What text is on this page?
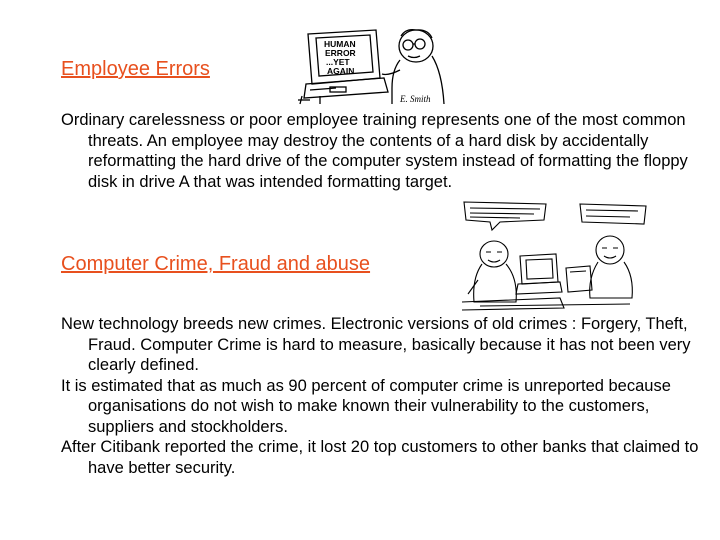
Employee Errors
HUMAN
ERROR
...YET
AGAIN
E. Smith

Ordinary carelessness or poor employee training represents one of the most common threats. An employee may destroy the contents of a hard disk by accidentally reformatting the hard drive of the computer system instead of formatting the floppy disk in drive A that was intended formatting target.

Computer Crime, Fraud and abuse

New technology breeds new crimes. Electronic versions of old crimes : Forgery, Theft, Fraud. Computer Crime is hard to measure, basically because it has not been very clearly defined.

It is estimated that as much as 90 percent of computer crime is unreported because organisations do not wish to make known their vulnerability to the customers, suppliers and stockholders.

After Citibank reported the crime, it lost 20 top customers to other banks that claimed to have better security.
